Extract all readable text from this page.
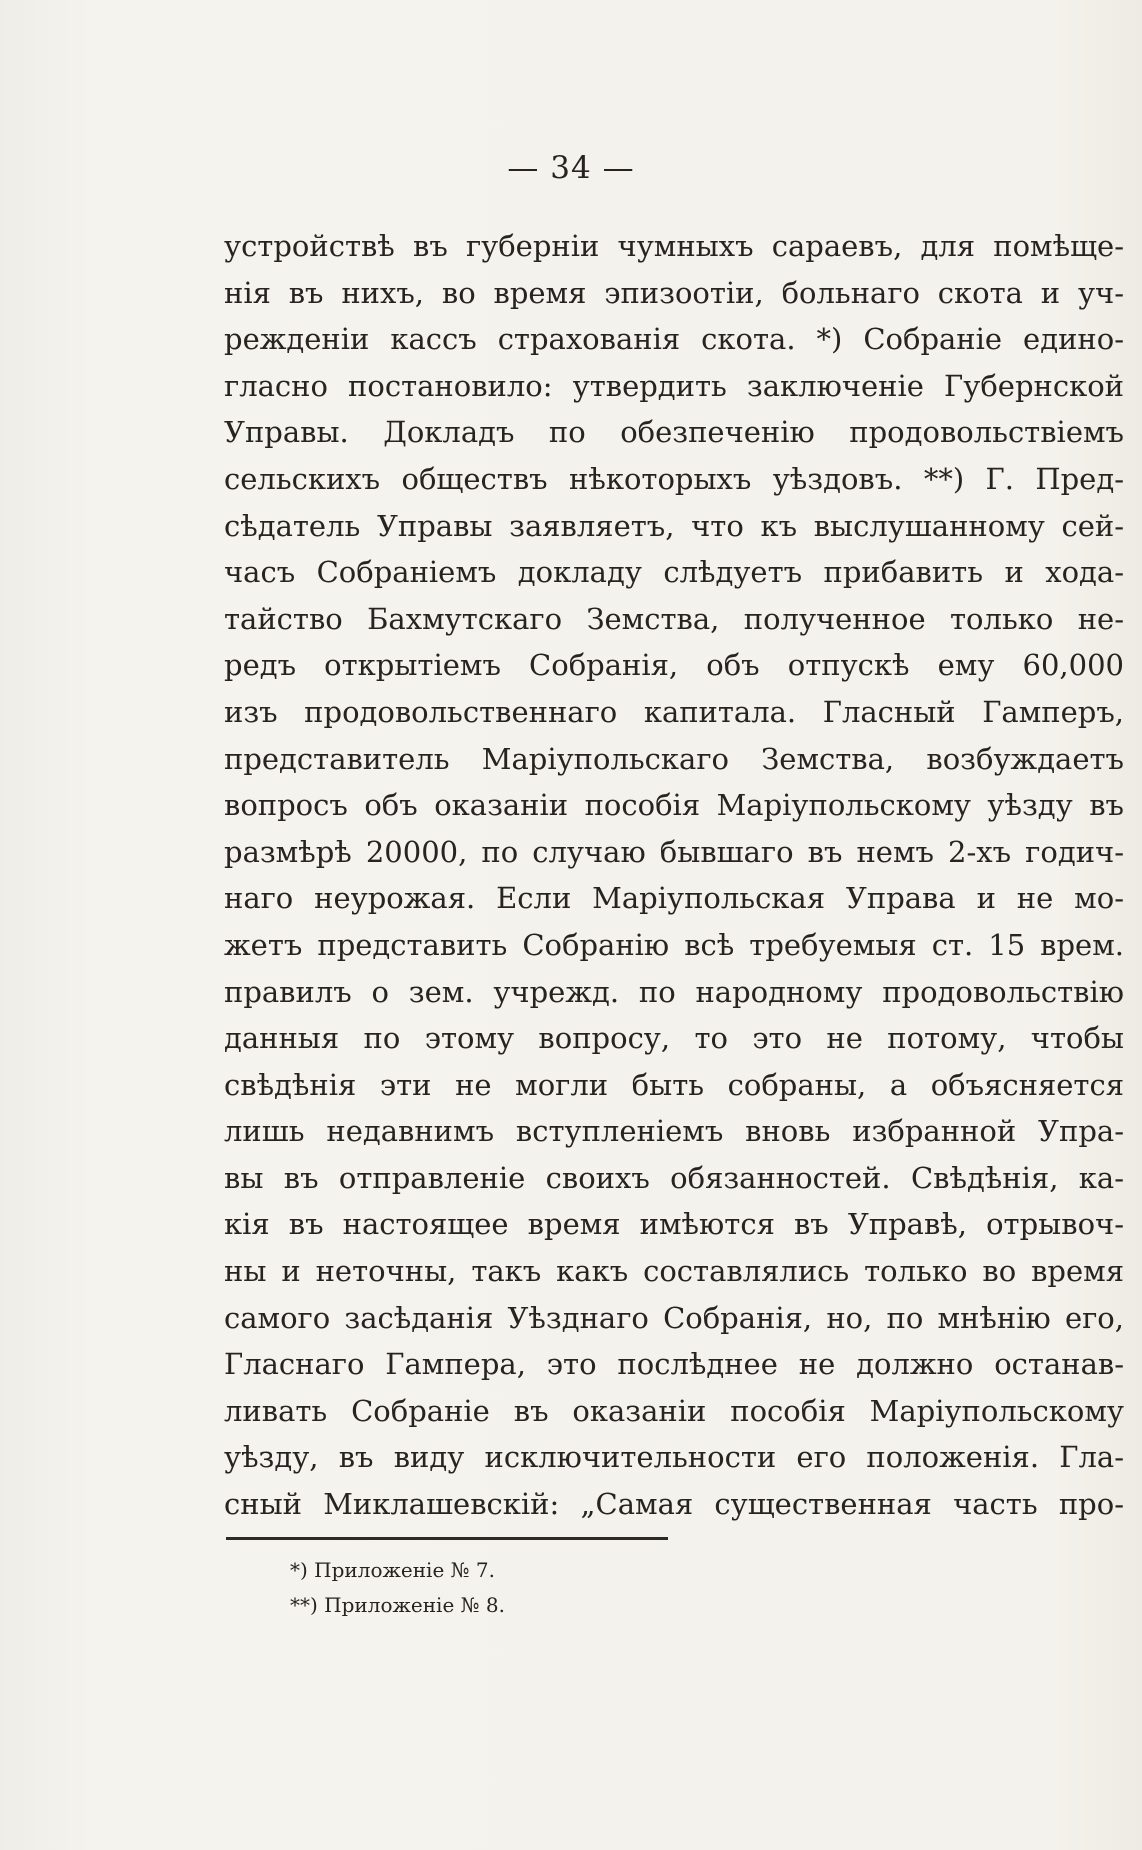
— 34 —
устройствѣ въ губерніи чумныхъ сараевъ, для помѣще-
нія въ нихъ, во время эпизоотіи, больнаго скота и уч-
режденіи кассъ страхованія скота. *) Собраніе едино-
гласно постановило: утвердить заключеніе Губернской
Управы. Докладъ по обезпеченію продовольствіемъ
сельскихъ обществъ нѣкоторыхъ уѣздовъ. **) Г. Пред-
сѣдатель Управы заявляетъ, что къ выслушанному сей-
часъ Собраніемъ докладу слѣдуетъ прибавить и хода-
тайство Бахмутскаго Земства, полученное только не-
редъ открытіемъ Собранія, объ отпускѣ ему 60,000
изъ продовольственнаго капитала. Гласный Гамперъ,
представитель Маріупольскаго Земства, возбуждаетъ
вопросъ объ оказаніи пособія Маріупольскому уѣзду въ
размѣрѣ 20000, по случаю бывшаго въ немъ 2-хъ годич-
наго неурожая. Если Маріупольская Управа и не мо-
жетъ представить Собранію всѣ требуемыя ст. 15 врем.
правилъ о зем. учрежд. по народному продовольствію
данныя по этому вопросу, то это не потому, чтобы
свѣдѣнія эти не могли быть собраны, а объясняется
лишь недавнимъ вступленіемъ вновь избранной Упра-
вы въ отправленіе своихъ обязанностей. Свѣдѣнія, ка-
кія въ настоящее время имѣются въ Управѣ, отрывоч-
ны и неточны, такъ какъ составлялись только во время
самого засѣданія Уѣзднаго Собранія, но, по мнѣнію его,
Гласнаго Гампера, это послѣднее не должно останав-
ливать Собраніе въ оказаніи пособія Маріупольскому
уѣзду, въ виду исключительности его положенія. Гла-
сный Миклашевскій: „Самая существенная часть про-
*) Приложеніе № 7.
**) Приложеніе № 8.
